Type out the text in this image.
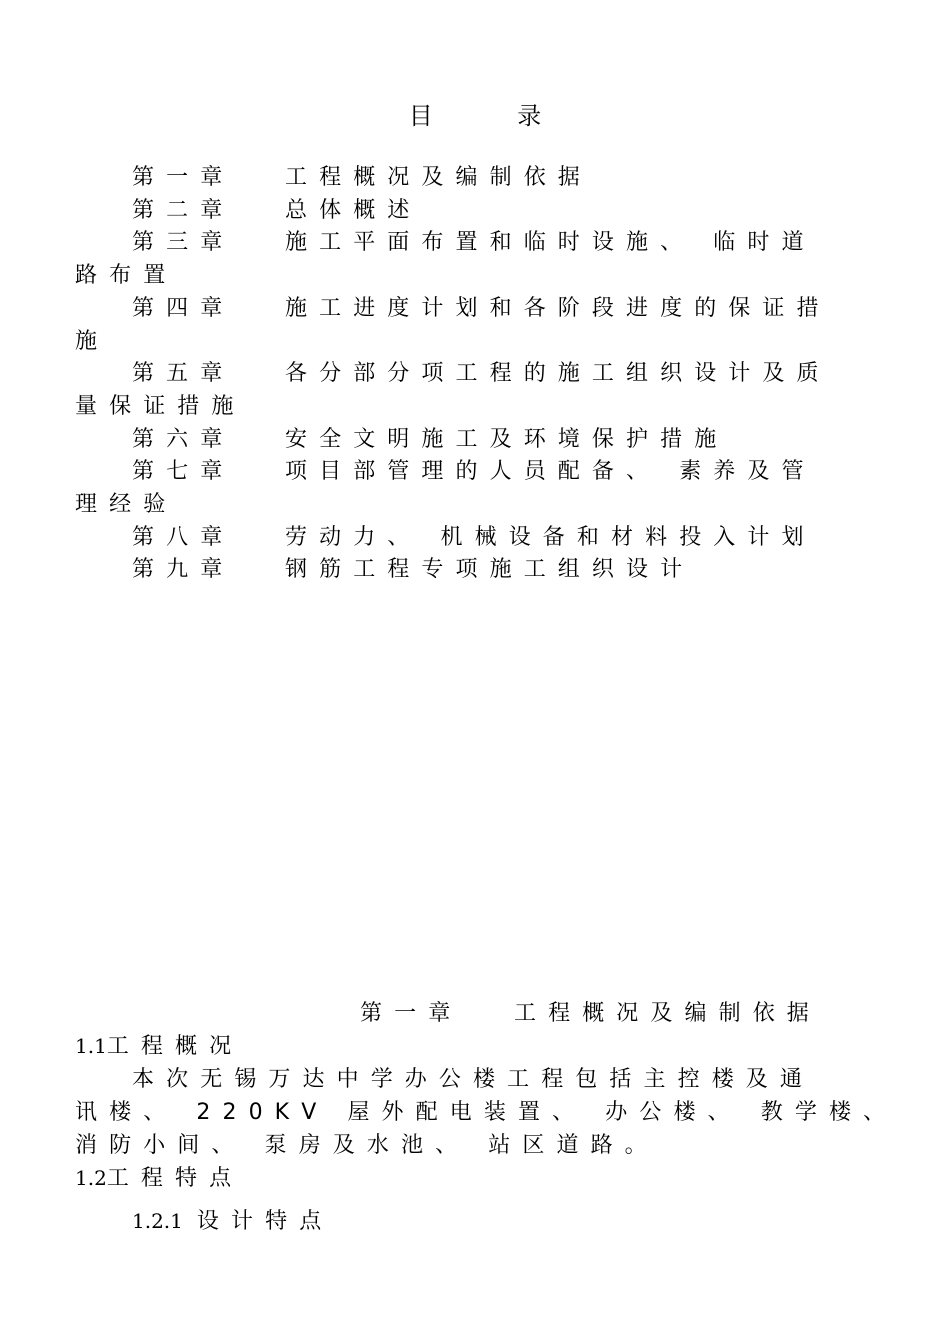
目 录
第一章 工程概况及编制依据
第二章 总体概述
第三章 施工平面布置和临时设施、 临时道
路布置
第四章 施工进度计划和各阶段进度的保证措
施
第五章 各分部分项工程的施工组织设计及质
量保证措施
第六章 安全文明施工及环境保护措施
第七章 项目部管理的人员配备、 素养及管
理经验
第八章 劳动力、 机械设备和材料投入计划
第九章 钢筋工程专项施工组织设计
第一章 工程概况及编制依据
1.1工程概况
本次无锡万达中学办公楼工程包括主控楼及通
讯楼、 220KV 屋外配电装置、 办公楼、 教学楼、
消防小间、 泵房及水池、 站区道路。
1.2工程特点
1.2.1 设计特点
